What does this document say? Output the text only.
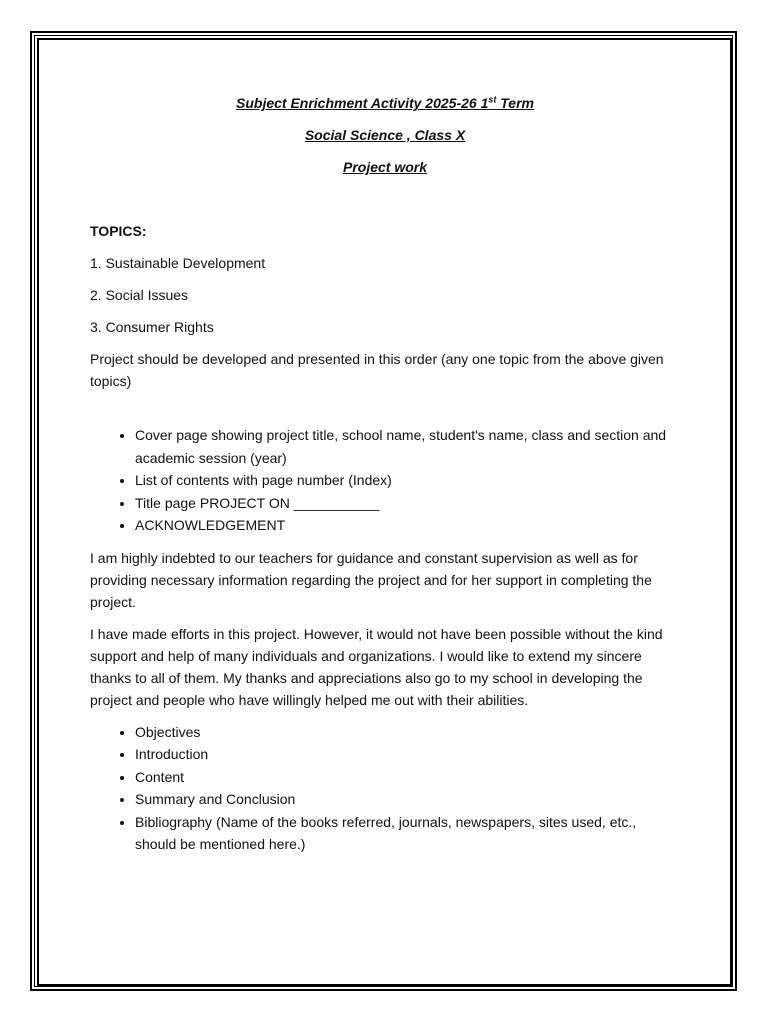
Subject Enrichment Activity 2025-26 1st Term

Social Science , Class X

Project work

TOPICS:

1. Sustainable Development

2. Social Issues

3. Consumer Rights

Project should be developed and presented in this order (any one topic from the above given topics)

• Cover page showing project title, school name, student's name, class and section and academic session (year)
• List of contents with page number (Index)
• Title page PROJECT ON ___________
• ACKNOWLEDGEMENT

I am highly indebted to our teachers for guidance and constant supervision as well as for providing necessary information regarding the project and for her support in completing the project.

I have made efforts in this project. However, it would not have been possible without the kind support and help of many individuals and organizations. I would like to extend my sincere thanks to all of them. My thanks and appreciations also go to my school in developing the project and people who have willingly helped me out with their abilities.

• Objectives
• Introduction
• Content
• Summary and Conclusion
• Bibliography (Name of the books referred, journals, newspapers, sites used, etc., should be mentioned here.)
